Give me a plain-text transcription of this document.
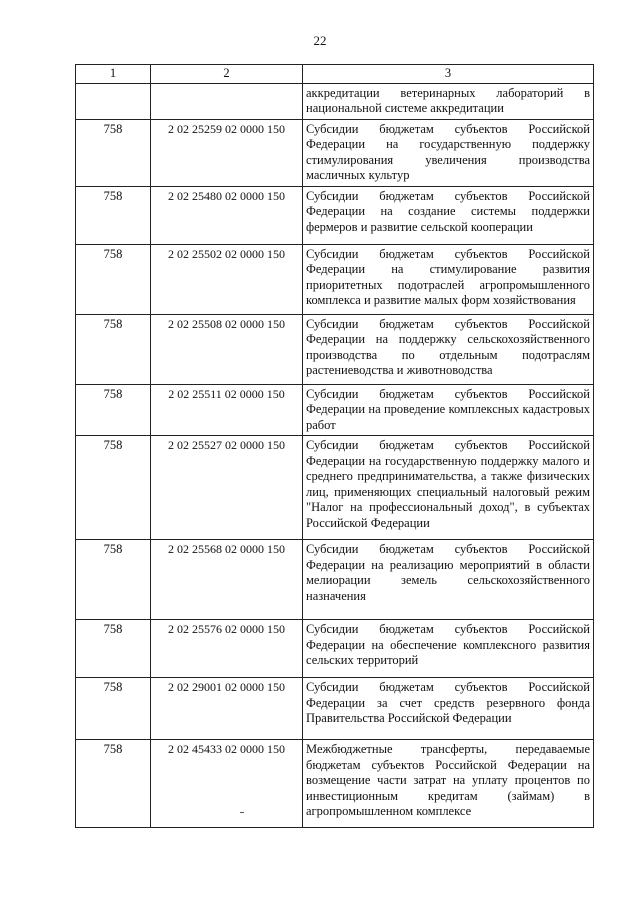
22
1	2	3
		аккредитации ветеринарных лабораторий в национальной системе аккредитации
758	2 02 25259 02 0000 150	Субсидии бюджетам субъектов Российской Федерации на государственную поддержку стимулирования увеличения производства масличных культур
758	2 02 25480 02 0000 150	Субсидии бюджетам субъектов Российской Федерации на создание системы поддержки фермеров и развитие сельской кооперации
758	2 02 25502 02 0000 150	Субсидии бюджетам субъектов Российской Федерации на стимулирование развития приоритетных подотраслей агропромышленного комплекса и развитие малых форм хозяйствования
758	2 02 25508 02 0000 150	Субсидии бюджетам субъектов Российской Федерации на поддержку сельскохозяйственного производства по отдельным подотраслям растениеводства и животноводства
758	2 02 25511 02 0000 150	Субсидии бюджетам субъектов Российской Федерации на проведение комплексных кадастровых работ
758	2 02 25527 02 0000 150	Субсидии бюджетам субъектов Российской Федерации на государственную поддержку малого и среднего предпринимательства, а также физических лиц, применяющих специальный налоговый режим "Налог на профессиональный доход", в субъектах Российской Федерации
758	2 02 25568 02 0000 150	Субсидии бюджетам субъектов Российской Федерации на реализацию мероприятий в области мелиорации земель сельскохозяйственного назначения
758	2 02 25576 02 0000 150	Субсидии бюджетам субъектов Российской Федерации на обеспечение комплексного развития сельских территорий
758	2 02 29001 02 0000 150	Субсидии бюджетам субъектов Российской Федерации за счет средств резервного фонда Правительства Российской Федерации
758	2 02 45433 02 0000 150	Межбюджетные трансферты, передаваемые бюджетам субъектов Российской Федерации на возмещение части затрат на уплату процентов по инвестиционным кредитам (займам) в агропромышленном комплексе
